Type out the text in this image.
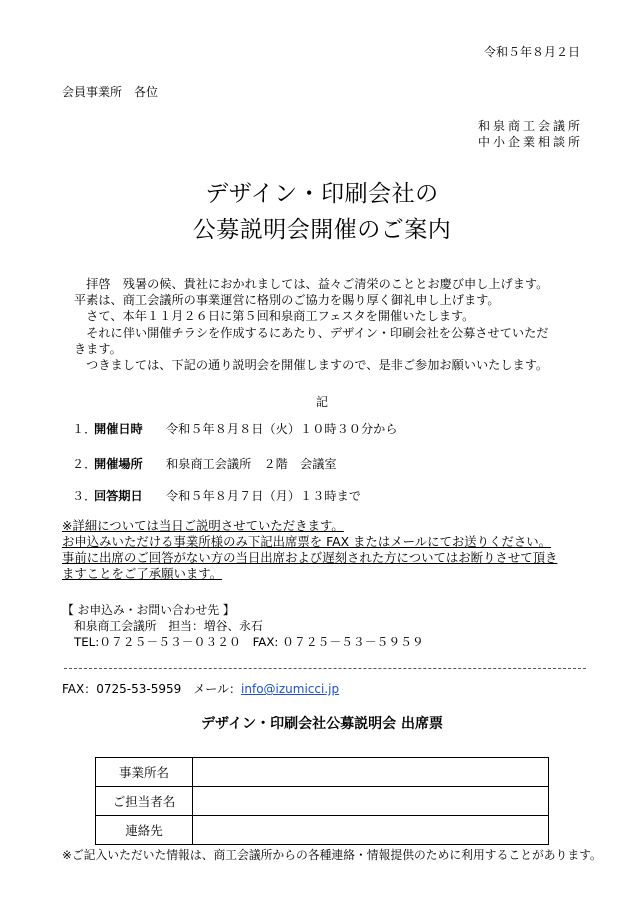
令和５年８月２日
会員事業所　各位
和泉商工会議所
中小企業相談所
デザイン・印刷会社の
公募説明会開催のご案内
　拝啓　残暑の候、貴社におかれましては、益々ご清栄のこととお慶び申し上げます。
平素は、商工会議所の事業運営に格別のご協力を賜り厚く御礼申し上げます。
　さて、本年１１月２６日に第５回和泉商工フェスタを開催いたします。
　それに伴い開催チラシを作成するにあたり、デザイン・印刷会社を公募させていただ
きます。
　つきましては、下記の通り説明会を開催しますので、是非ご参加お願いいたします。
記
１．開催日時 令和５年８月８日（火）１０時３０分から
２．開催場所 和泉商工会議所　２階　会議室
３．回答期日 令和５年８月７日（月）１３時まで
※詳細については当日ご説明させていただきます。
お申込みいただける事業所様のみ下記出席票を FAX またはメールにてお送りください。
事前に出席のご回答がない方の当日出席および遅刻された方についてはお断りさせて頂き
ますことをご了承願います。
【 お申込み・お問い合わせ先 】
和泉商工会議所　担当：増谷、永石
TEL:０７２５－５３－０３２０　FAX: ０７２５－５３－５９５９
FAX：0725-53-5959　 メール：info@izumicci.jp
デザイン・印刷会社公募説明会 出席票
事業所名	
ご担当者名	
連絡先	
※ご記入いただいた情報は、商工会議所からの各種連絡・情報提供のために利用することがあります。
